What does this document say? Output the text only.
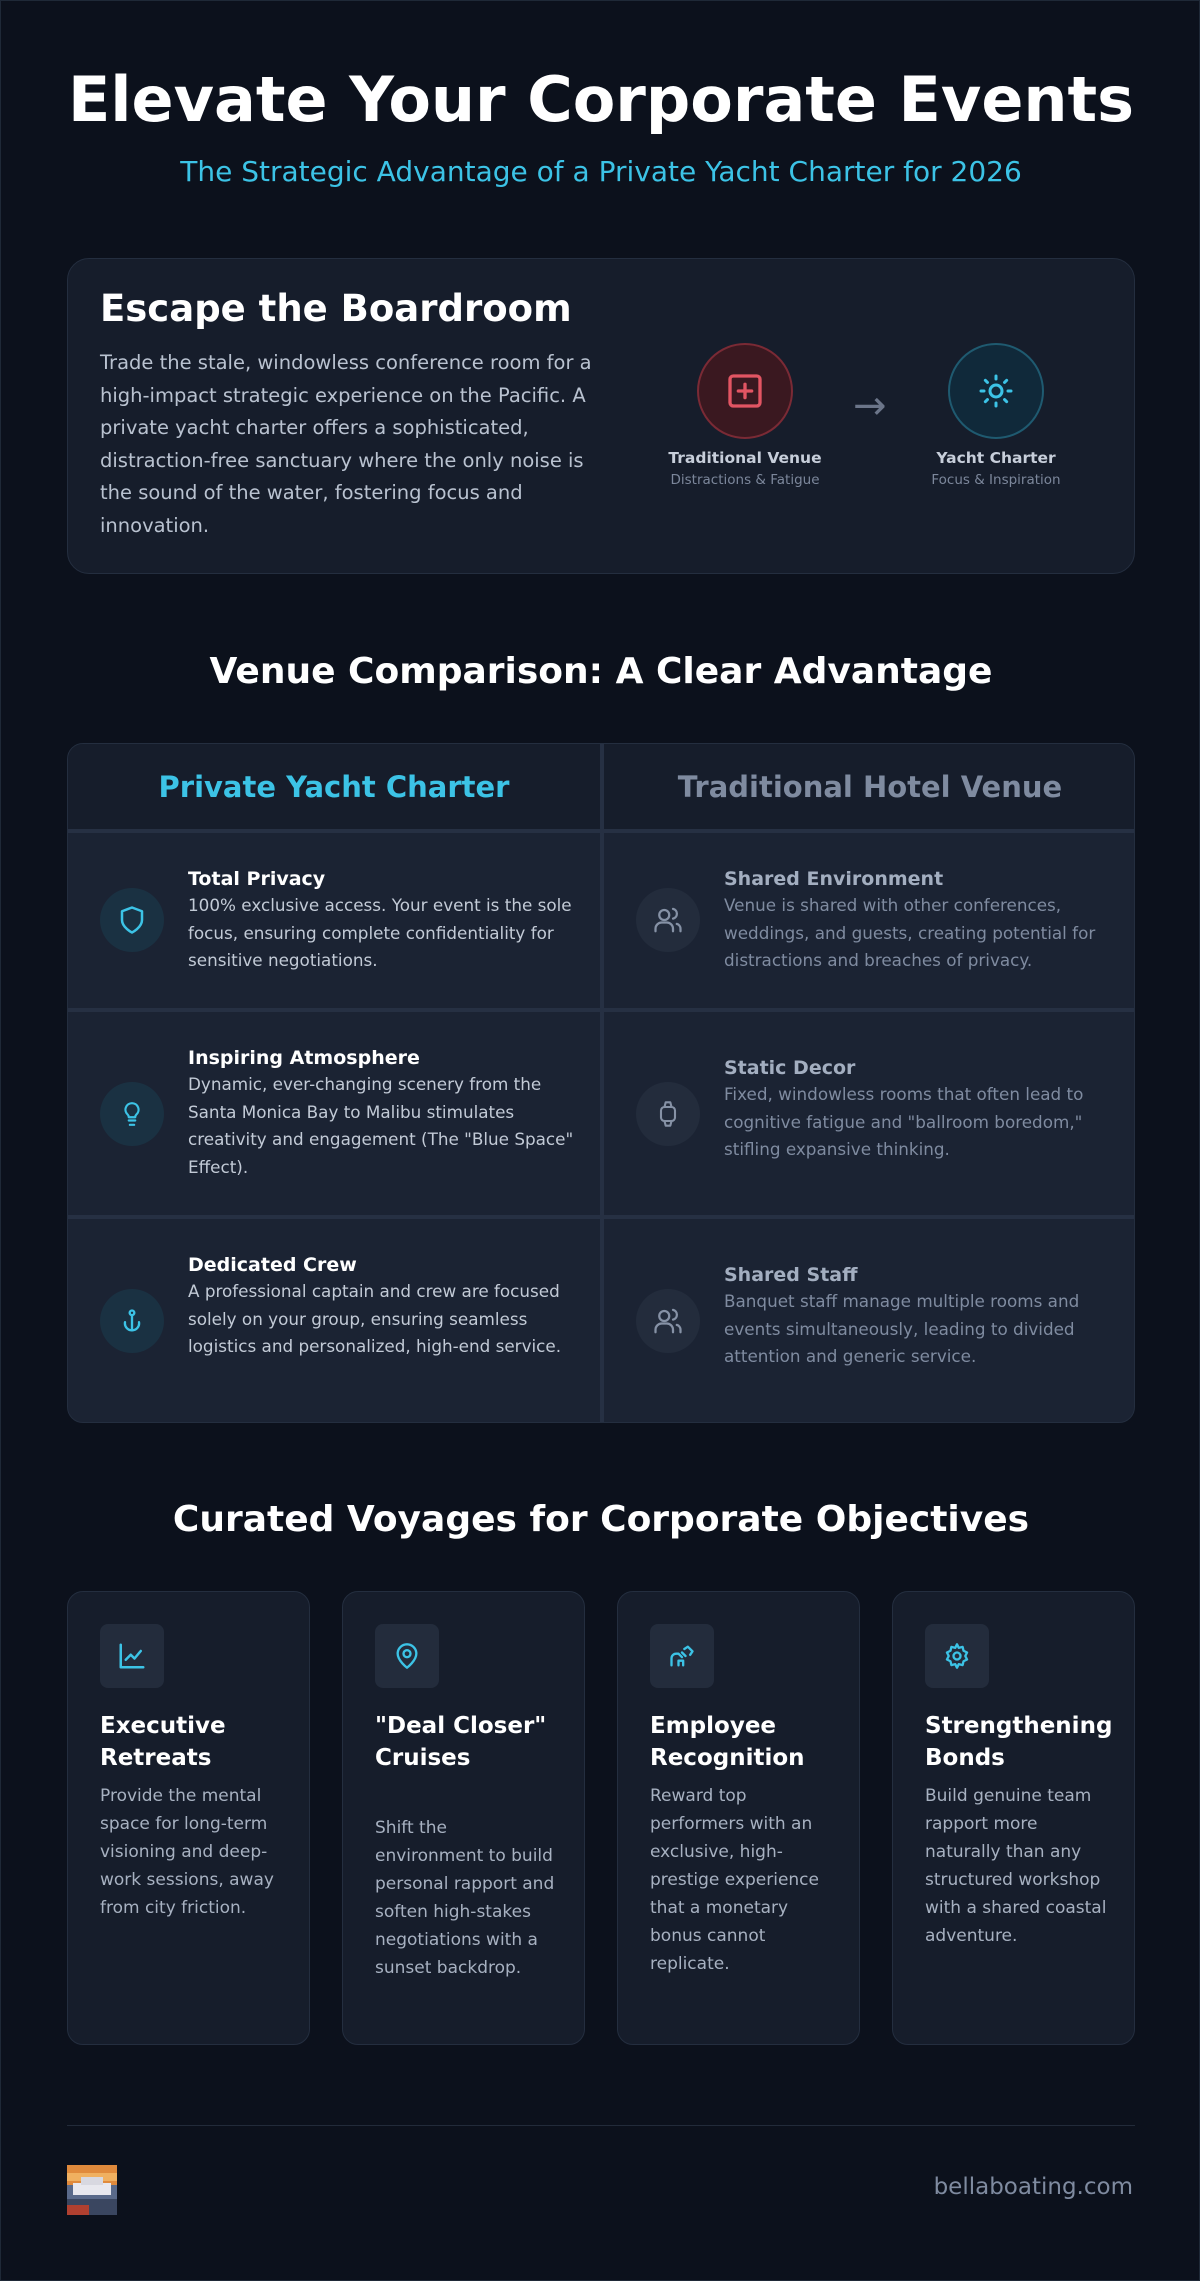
Elevate Your Corporate Events
The Strategic Advantage of a Private Yacht Charter for 2026
Escape the Boardroom

Trade the stale, windowless conference room for a high-impact strategic experience on the Pacific. A private yacht charter offers a sophisticated, distraction-free sanctuary where the only noise is the sound of the water, fostering focus and innovation.

→
Traditional Venue
Distractions & Fatigue
Yacht Charter
Focus & Inspiration
Venue Comparison: A Clear Advantage
Private Yacht Charter	Traditional Hotel Venue
Total Privacy
100% exclusive access. Your event is the sole focus, ensuring complete confidentiality for sensitive negotiations.
Shared Environment
Venue is shared with other conferences, weddings, and guests, creating potential for distractions and breaches of privacy.
Inspiring Atmosphere
Dynamic, ever-changing scenery from the Santa Monica Bay to Malibu stimulates creativity and engagement (The "Blue Space" Effect).
Static Decor
Fixed, windowless rooms that often lead to cognitive fatigue and "ballroom boredom," stifling expansive thinking.
Dedicated Crew
A professional captain and crew are focused solely on your group, ensuring seamless logistics and personalized, high-end service.
Shared Staff
Banquet staff manage multiple rooms and events simultaneously, leading to divided attention and generic service.
Curated Voyages for Corporate Objectives
Executive Retreats
Provide the mental space for long-term visioning and deep-work sessions, away from city friction.
"Deal Closer" Cruises
Shift the environment to build personal rapport and soften high-stakes negotiations with a sunset backdrop.
Employee Recognition
Reward top performers with an exclusive, high-prestige experience that a monetary bonus cannot replicate.
Strengthening Bonds
Build genuine team rapport more naturally than any structured workshop with a shared coastal adventure.
bellaboating.com
